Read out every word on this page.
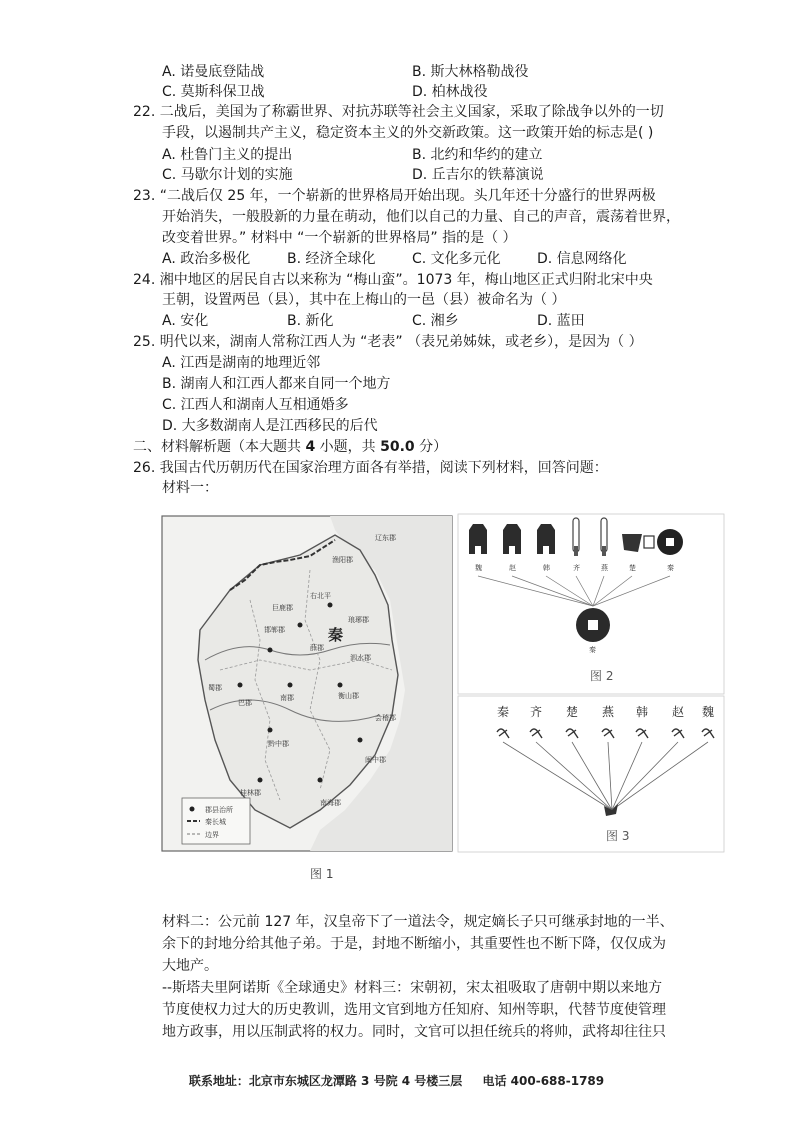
A. 诺曼底登陆战	B. 斯大林格勒战役
C. 莫斯科保卫战	D. 柏林战役
22. 二战后，美国为了称霸世界、对抗苏联等社会主义国家，采取了除战争以外的一切
手段，以遏制共产主义，稳定资本主义的外交新政策。这一政策开始的标志是( )
A. 杜鲁门主义的提出	B. 北约和华约的建立
C. 马歇尔计划的实施	D. 丘吉尔的铁幕演说
23. “二战后仅 25 年，一个崭新的世界格局开始出现。头几年还十分盛行的世界两极
开始消失，一般股新的力量在萌动，他们以自己的力量、自己的声音，震荡着世界，
改变着世界。” 材料中 “一个崭新的世界格局” 指的是（ ）
A. 政治多极化	B. 经济全球化	C. 文化多元化	D. 信息网络化
24. 湘中地区的居民自古以来称为 “梅山蛮”。1073 年，梅山地区正式归附北宋中央
王朝，设置两邑（县），其中在上梅山的一邑（县）被命名为（ ）
A. 安化	B. 新化	C. 湘乡	D. 蓝田
25. 明代以来，湖南人常称江西人为 “老表” （表兄弟姊妹，或老乡），是因为（ ）
A. 江西是湖南的地理近邻
B. 湖南人和江西人都来自同一个地方
C. 江西人和湖南人互相通婚多
D. 大多数湖南人是江西移民的后代
二、材料解析题（本大题共 4 小题，共 50.0 分）
26. 我国古代历朝历代在国家治理方面各有举措，阅读下列材料，回答问题：
材料一：
秦
辽东郡
渔阳郡
右北平
巨鹿郡
邯郸郡
琅琊郡
薛郡
泗水郡
蜀郡
巴郡
黔中郡
南郡	衡山郡
闽中郡
桂林郡
南海郡
会稽郡
郡县治所
秦长城
边界
图 1
魏	赵	韩	齐	燕	楚	秦
秦
图 2
秦 齐 楚 燕 韩 赵 魏
图 3
材料二：公元前 127 年，汉皇帝下了一道法令，规定嫡长子只可继承封地的一半、
余下的封地分给其他子弟。于是，封地不断缩小，其重要性也不断下降，仅仅成为
大地产。
--斯塔夫里阿诺斯《全球通史》材料三：宋朝初，宋太祖吸取了唐朝中期以来地方
节度使权力过大的历史教训，选用文官到地方任知府、知州等职，代替节度使管理
地方政事，用以压制武将的权力。同时，文官可以担任统兵的将帅，武将却往往只
联系地址：北京市东城区龙潭路 3 号院 4 号楼三层 电话 400-688-1789
